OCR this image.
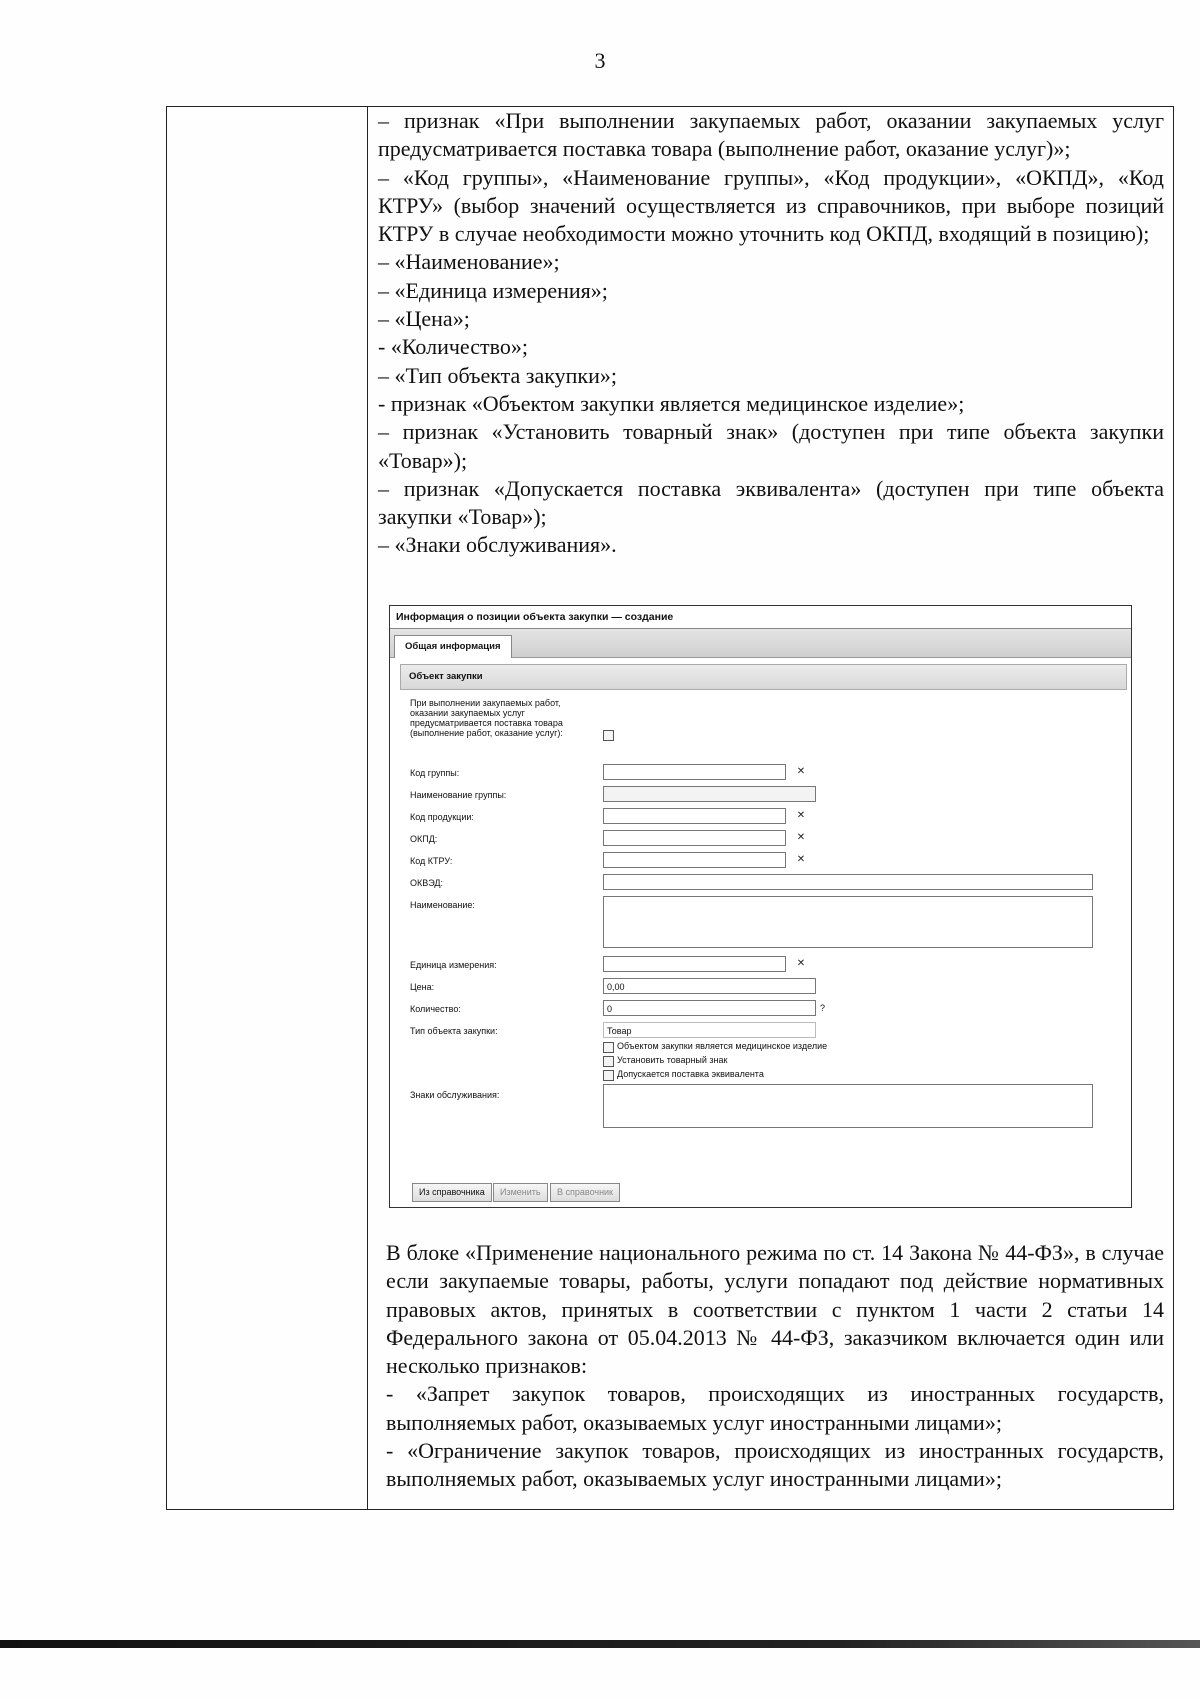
3

– признак «При выполнении закупаемых работ, оказании закупаемых услуг предусматривается поставка товара (выполнение работ, оказание услуг)»;

– «Код группы», «Наименование группы», «Код продукции», «ОКПД», «Код КТРУ» (выбор значений осуществляется из справочников, при выборе позиций КТРУ в случае необходимости можно уточнить код ОКПД, входящий в позицию);

– «Наименование»;

– «Единица измерения»;

– «Цена»;

- «Количество»;

– «Тип объекта закупки»;

- признак «Объектом закупки является медицинское изделие»;

– признак «Установить товарный знак» (доступен при типе объекта закупки «Товар»);

– признак «Допускается поставка эквивалента» (доступен при типе объекта закупки «Товар»);

– «Знаки обслуживания».

Информация о позиции объекта закупки — создание
Общая информация
Объект закупки
При выполнении закупаемых работ, оказании закупаемых услуг предусматривается поставка товара (выполнение работ, оказание услуг):
Код группы:	✕
Наименование группы:
Код продукции:	✕
ОКПД:	✕
Код КТРУ:	✕
ОКВЭД:
Наименование:
Единица измерения:	✕
Цена:	0,00
Количество:	0	?
Тип объекта закупки:	Товар
Объектом закупки является медицинское изделие
Установить товарный знак
Допускается поставка эквивалента
Знаки обслуживания:
Из справочника	Изменить	В справочник

В блоке «Применение национального режима по ст. 14 Закона № 44-ФЗ», в случае если закупаемые товары, работы, услуги попадают под действие нормативных правовых актов, принятых в соответствии с пунктом 1 части 2 статьи 14 Федерального закона от 05.04.2013 № 44-ФЗ, заказчиком включается один или несколько признаков:

- «Запрет закупок товаров, происходящих из иностранных государств, выполняемых работ, оказываемых услуг иностранными лицами»;

- «Ограничение закупок товаров, происходящих из иностранных государств, выполняемых работ, оказываемых услуг иностранными лицами»;
